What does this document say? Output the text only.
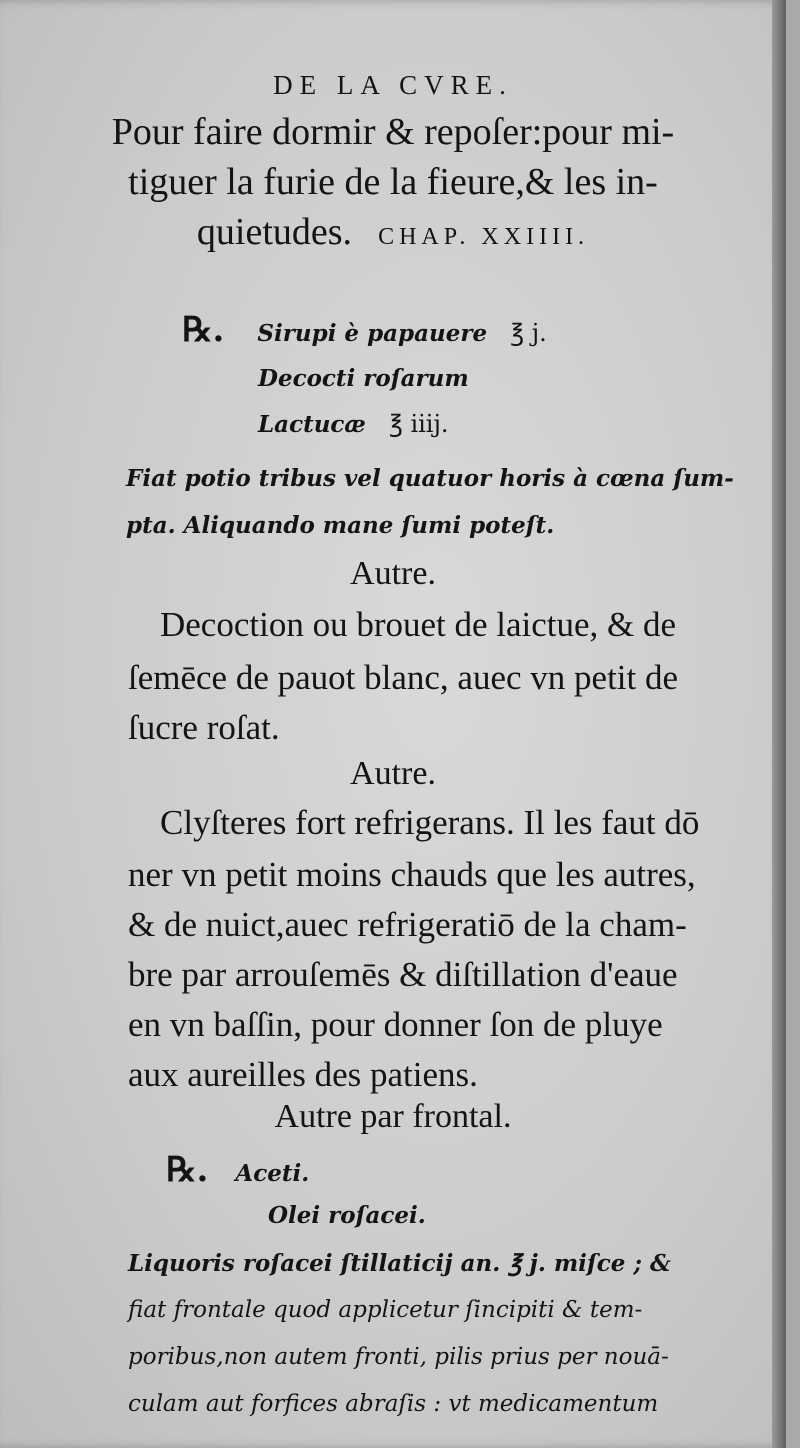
DE LA CVRE.
Pour faire dormir & repoſer:pour mi-
tiguer la furie de la fieure,& les in-
quietudes. CHAP. XXIIII.
℞. Sirupi è papauere ℥ j.
Decocti roſarum
Lactucæ ℥ iiij.
Fiat potio tribus vel quatuor horis à cœna ſum-
pta. Aliquando mane ſumi poteſt.
Autre.
Decoction ou brouet de laictue, & de
ſemēce de pauot blanc, auec vn petit de
ſucre roſat.
Autre.
Clyſteres fort refrigerans. Il les faut dō
ner vn petit moins chauds que les autres,
& de nuict,auec refrigeratiō de la cham-
bre par arrouſemēs & diſtillation d'eaue
en vn baſſin, pour donner ſon de pluye
aux aureilles des patiens.
Autre par frontal.
℞. Aceti.
Olei roſacei.
Liquoris roſacei ſtillaticij an. ℥ j. miſce ; &
fiat frontale quod applicetur ſincipiti & tem-
poribus,non autem fronti, pilis prius per nouā-
culam aut forfices abraſis : vt medicamentum
